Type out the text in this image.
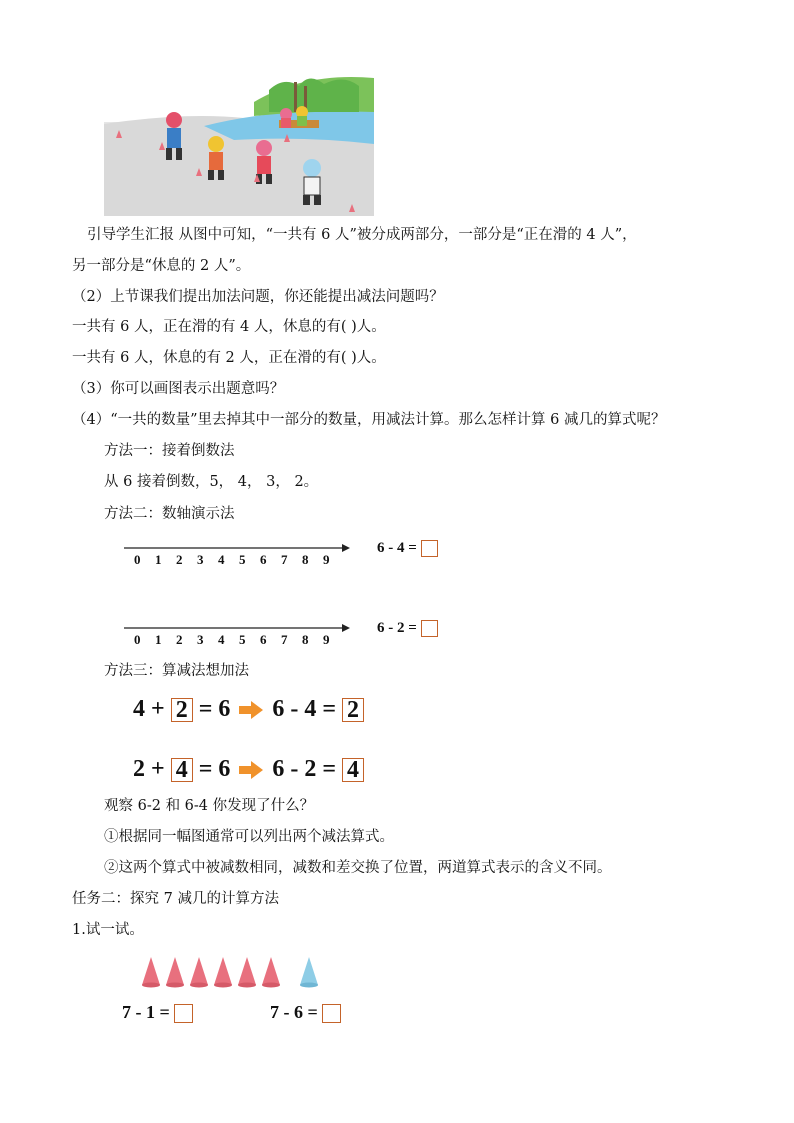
引导学生汇报 从图中可知，“一共有 6 人”被分成两部分，一部分是“正在滑的 4 人”，
另一部分是“休息的 2 人”。
（2）上节课我们提出加法问题，你还能提出减法问题吗？
一共有 6 人，正在滑的有 4 人，休息的有( )人。
一共有 6 人，休息的有 2 人，正在滑的有( )人。
（3）你可以画图表示出题意吗？
（4）“一共的数量”里去掉其中一部分的数量，用减法计算。那么怎样计算 6 减几的算式呢？
方法一：接着倒数法
从 6 接着倒数，5， 4， 3， 2。
方法二：数轴演示法
0 1 2 3 4 5 6 7 8 9
6 - 4 =
0 1 2 3 4 5 6 7 8 9
6 - 2 =
方法三：算减法想加法
4 + 2 = 6 6 - 4 = 2
2 + 4 = 6 6 - 2 = 4
观察 6-2 和 6-4 你发现了什么？
①根据同一幅图通常可以列出两个减法算式。
②这两个算式中被减数相同，减数和差交换了位置，两道算式表示的含义不同。
任务二：探究 7 减几的计算方法
1.试一试。
7 - 1 =	7 - 6 =
